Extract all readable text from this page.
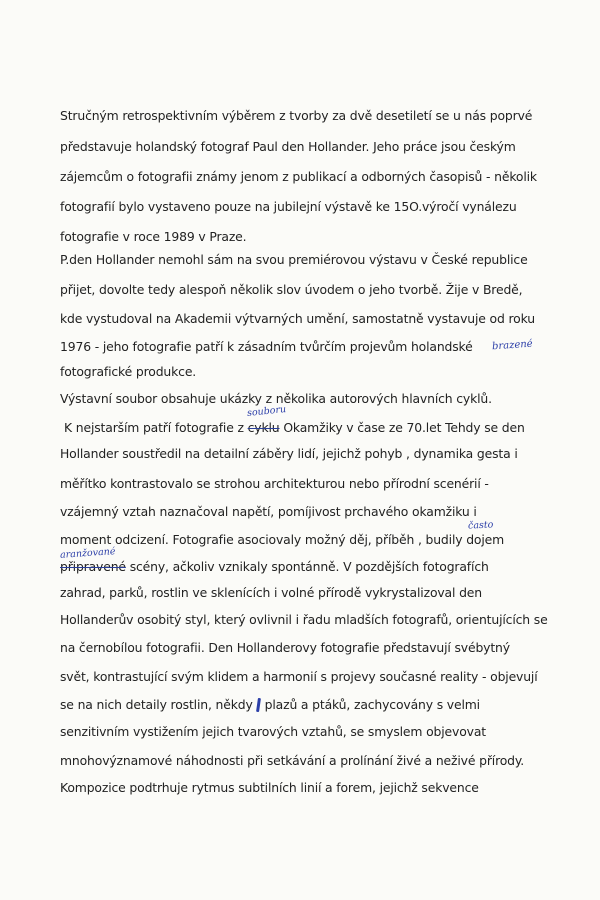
Stručným retrospektivním výběrem z tvorby za dvě desetiletí se u nás poprvé
představuje holandský fotograf Paul den Hollander. Jeho práce jsou českým
zájemcům o fotografii známy jenom z publikací a odborných časopisů - několik
fotografií bylo vystaveno pouze na jubilejní výstavě ke 15O.výročí vynálezu
fotografie v roce 1989 v Praze.
P.den Hollander nemohl sám na svou premiérovou výstavu v České republice
přijet, dovolte tedy alespoň několik slov úvodem o jeho tvorbě. Žije v Bredě,
kde vystudoval na Akademii výtvarných umění, samostatně vystavuje od roku
1976 - jeho fotografie patří k zásadním tvůrčím projevům holandské
fotografické produkce.
Výstavní soubor obsahuje ukázky z několika autorových hlavních cyklů.
K nejstarším patří fotografie z cyklu Okamžiky v čase ze 70.let Tehdy se den
Hollander soustředil na detailní záběry lidí, jejichž pohyb , dynamika gesta i
měřítko kontrastovalo se strohou architekturou nebo přírodní scenérií -
vzájemný vztah naznačoval napětí, pomíjivost prchavého okamžiku i
moment odcizení. Fotografie asociovaly možný děj, příběh , budily dojem
připravené scény, ačkoliv vznikaly spontánně. V pozdějších fotografích
zahrad, parků, rostlin ve sklenících i volné přírodě vykrystalizoval den
Hollanderův osobitý styl, který ovlivnil i řadu mladších fotografů, orientujících se
na černobílou fotografii. Den Hollanderovy fotografie představují svébytný
svět, kontrastující svým klidem a harmonií s projevy současné reality - objevují
se na nich detaily rostlin, někdy plazů a ptáků, zachycovány s velmi
senzitivním vystižením jejich tvarových vztahů, se smyslem objevovat
mnohovýznamové náhodnosti při setkávání a prolínání živé a neživé přírody.
Kompozice podtrhuje rytmus subtilních linií a forem, jejichž sekvence
brazené
souboru
často
aranžované
